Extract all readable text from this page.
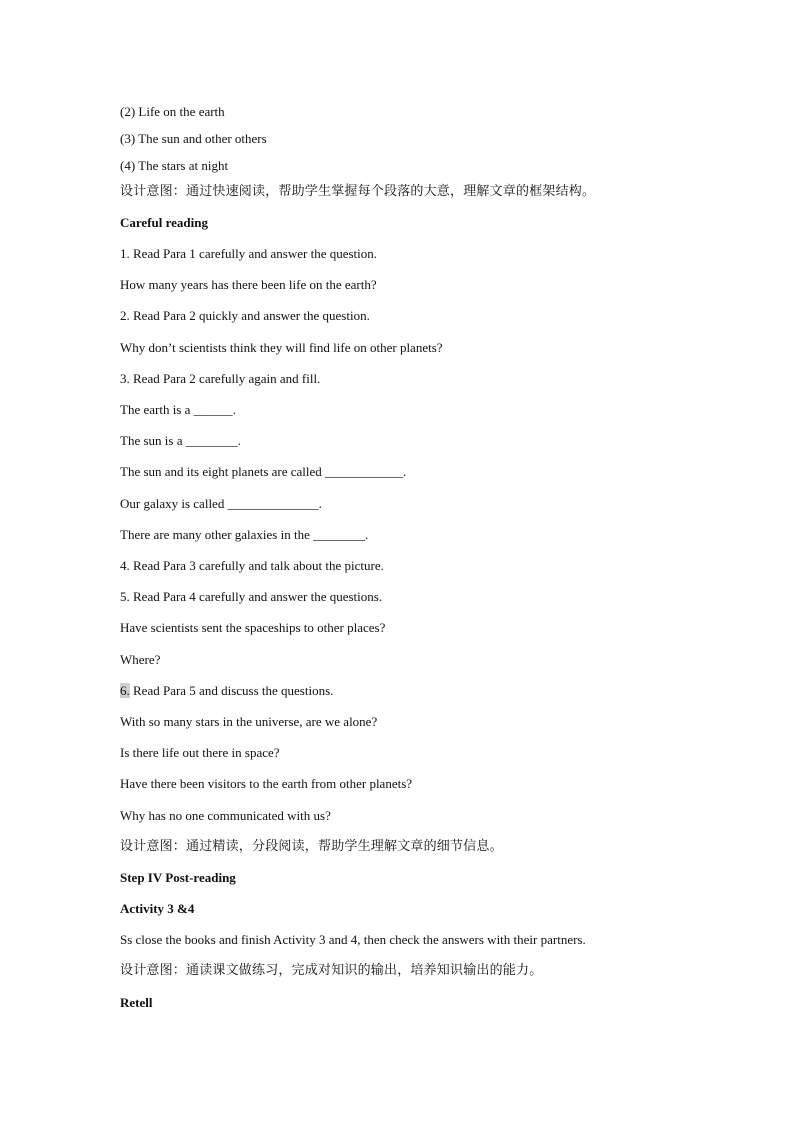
(2) Life on the earth
(3) The sun and other others
(4) The stars at night
设计意图：通过快速阅读，帮助学生掌握每个段落的大意，理解文章的框架结构。
Careful reading
1. Read Para 1 carefully and answer the question.
How many years has there been life on the earth?
2. Read Para 2 quickly and answer the question.
Why don’t scientists think they will find life on other planets?
3. Read Para 2 carefully again and fill.
The earth is a ______.
The sun is a ________.
The sun and its eight planets are called ____________.
Our galaxy is called ______________.
There are many other galaxies in the ________.
4. Read Para 3 carefully and talk about the picture.
5. Read Para 4 carefully and answer the questions.
Have scientists sent the spaceships to other places?
Where?
6. Read Para 5 and discuss the questions.
With so many stars in the universe, are we alone?
Is there life out there in space?
Have there been visitors to the earth from other planets?
Why has no one communicated with us?
设计意图：通过精读，分段阅读，帮助学生理解文章的细节信息。
Step IV Post-reading
Activity 3 &4
Ss close the books and finish Activity 3 and 4, then check the answers with their partners.
设计意图：通读课文做练习，完成对知识的输出，培养知识输出的能力。
Retell
